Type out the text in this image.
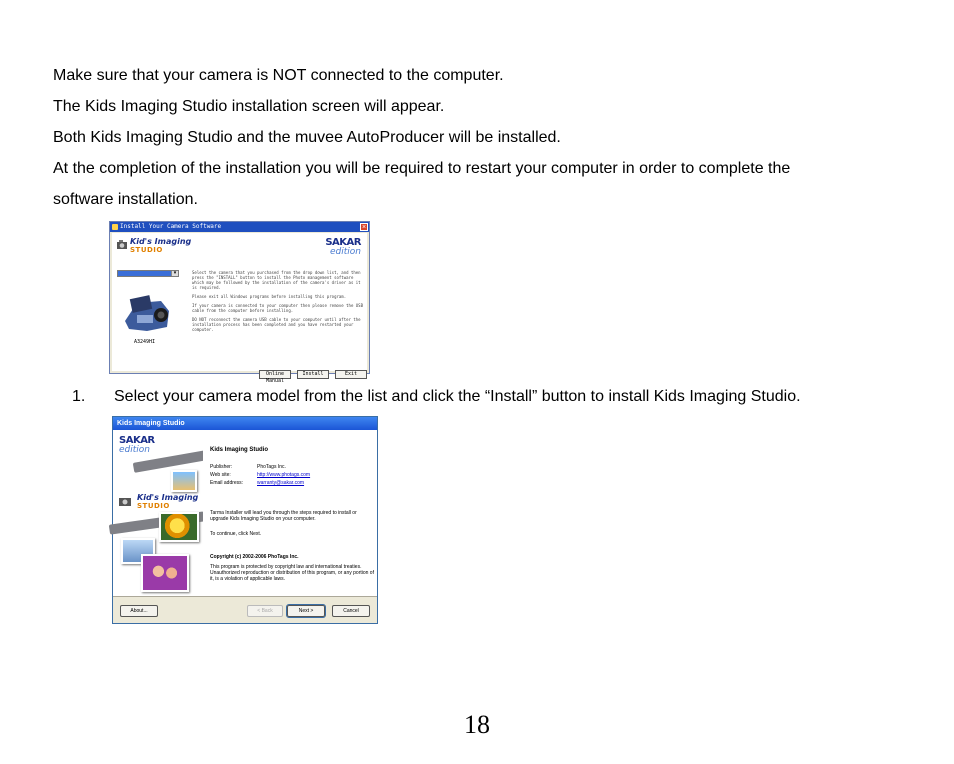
Make sure that your camera is NOT connected to the computer.
The Kids Imaging Studio installation screen will appear.
Both Kids Imaging Studio and the muvee AutoProducer will be installed.
At the completion of the installation you will be required to restart your computer in order to complete the
software installation.
Install Your Camera Software	×
Kid's Imaging
STUDIO
SAKAR
edition
▾
A3249HI

Select the camera that you purchased from the drop down list, and then press the "INSTALL" button to install the Photo management software which may be followed by the installation of the camera's driver as it is required.

Please exit all Windows programs before installing this program.

If your camera is connected to your computer then please remove the USB cable from the computer before installing.

DO NOT reconnect the camera USB cable to your computer until after the installation process has been completed and you have restarted your computer.

Online Manual
Install	Exit
1. Select your camera model from the list and click the “Install” button to install Kids Imaging Studio.
Kids Imaging Studio
SAKAR
edition
Kid's Imaging
STUDIO
Kids Imaging Studio
Publisher:	PhoTags Inc.
Web site:	http://www.photags.com
Email address:	warranty@sakar.com
Tarma Installer will lead you through the steps required to install or upgrade Kids Imaging Studio on your computer.
To continue, click Next.
Copyright (c) 2002-2006 PhoTags Inc.
This program is protected by copyright law and international treaties. Unauthorized reproduction or distribution of this program, or any portion of it, is a violation of applicable laws.
About...	< Back	Next >	Cancel
18
